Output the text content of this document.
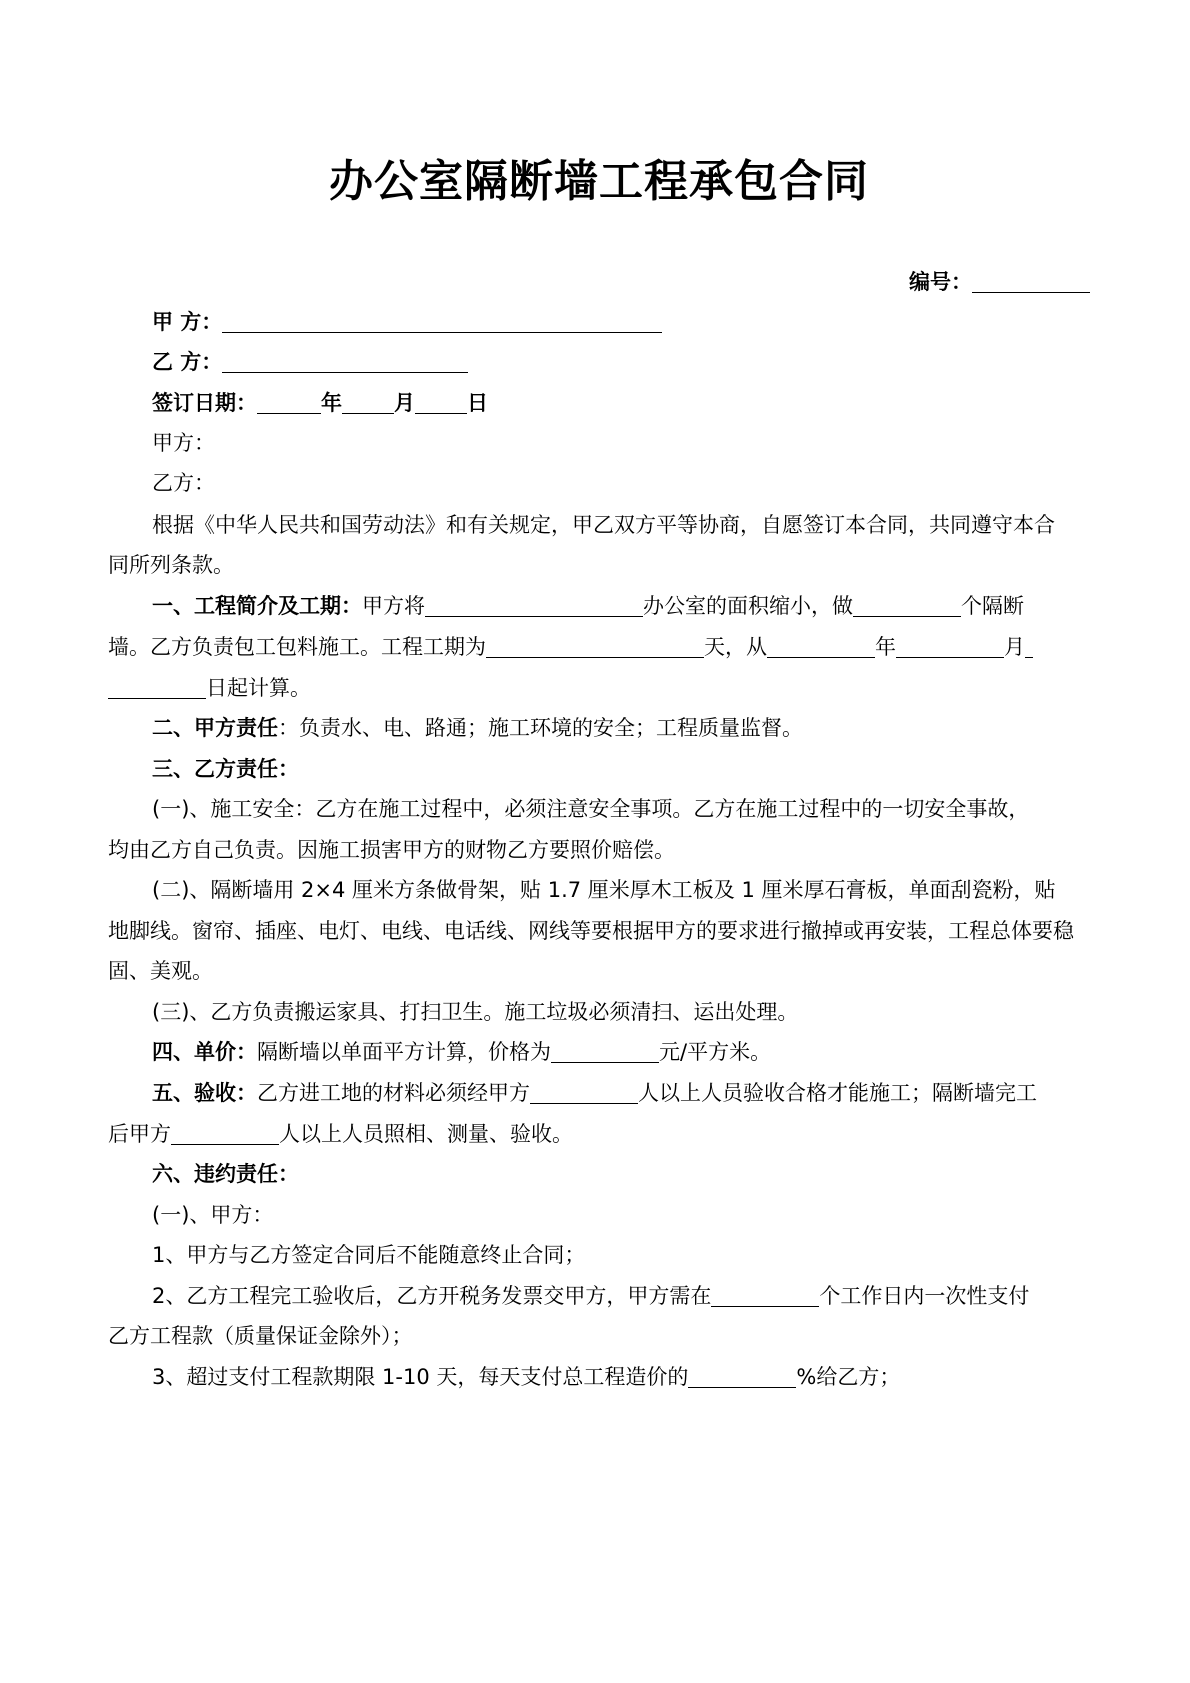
办公室隔断墙工程承包合同
编号：
甲 方：
乙 方：
签订日期：	年 月 日
甲方：
乙方：
根据《中华人民共和国劳动法》和有关规定，甲乙双方平等协商，自愿签订本合同，共同遵守本合
同所列条款。
一、工程简介及工期：甲方将	办公室的面积缩小，做	个隔断
墙。乙方负责包工包料施工。工程工期为	天，从	年	月
日起计算。
二、甲方责任：负责水、电、路通；施工环境的安全；工程质量监督。
三、乙方责任：
(一)、施工安全：乙方在施工过程中，必须注意安全事项。乙方在施工过程中的一切安全事故，
均由乙方自己负责。因施工损害甲方的财物乙方要照价赔偿。
(二)、隔断墙用 2×4 厘米方条做骨架，贴 1.7 厘米厚木工板及 1 厘米厚石膏板，单面刮瓷粉，贴
地脚线。窗帘、插座、电灯、电线、电话线、网线等要根据甲方的要求进行撤掉或再安装，工程总体要稳
固、美观。
(三)、乙方负责搬运家具、打扫卫生。施工垃圾必须清扫、运出处理。
四、单价：隔断墙以单面平方计算，价格为	元/平方米。
五、验收：乙方进工地的材料必须经甲方	人以上人员验收合格才能施工；隔断墙完工
后甲方	人以上人员照相、测量、验收。
六、违约责任：
(一)、甲方：
1、甲方与乙方签定合同后不能随意终止合同；
2、乙方工程完工验收后，乙方开税务发票交甲方，甲方需在	个工作日内一次性支付
乙方工程款（质量保证金除外）；
3、超过支付工程款期限 1-10 天，每天支付总工程造价的	%给乙方；
